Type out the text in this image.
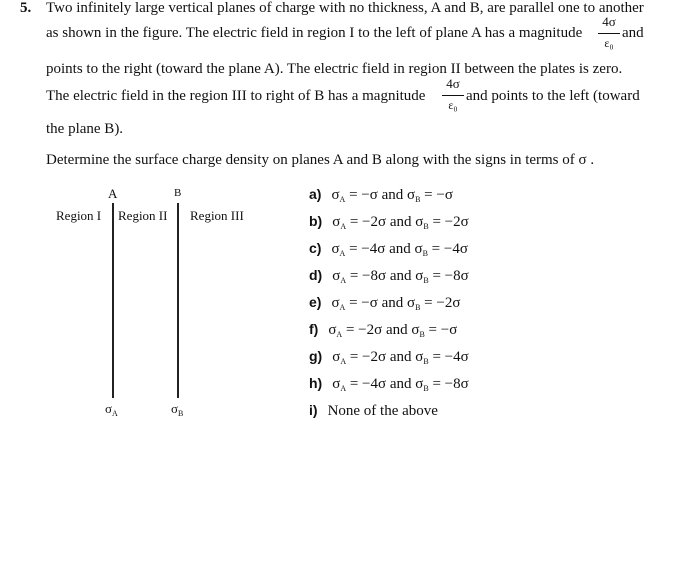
5. Two infinitely large vertical planes of charge with no thickness, A and B, are parallel one to another
as shown in the figure. The electric field in region I to the left of plane A has a magnitude
4σ
ε₀
and
points to the right (toward the plane A). The electric field in region II between the plates is zero.
The electric field in the region III to right of B has a magnitude
4σ
ε₀
and points to the left (toward
the plane B).
Determine the surface charge density on planes A and B along with the signs in terms of σ .
A	B
Region I Region II Region III
$\sigma_A$	$\sigma_B$
a) $\sigma_A = -\sigma$ and $\sigma_B = -\sigma$
b) $\sigma_A = -2\sigma$ and $\sigma_B = -2\sigma$
c) $\sigma_A = -4\sigma$ and $\sigma_B = -4\sigma$
d) $\sigma_A = -8\sigma$ and $\sigma_B = -8\sigma$
e) $\sigma_A = -\sigma$ and $\sigma_B = -2\sigma$
f) $\sigma_A = -2\sigma$ and $\sigma_B = -\sigma$
g) $\sigma_A = -2\sigma$ and $\sigma_B = -4\sigma$
h) $\sigma_A = -4\sigma$ and $\sigma_B = -8\sigma$
i) None of the above
